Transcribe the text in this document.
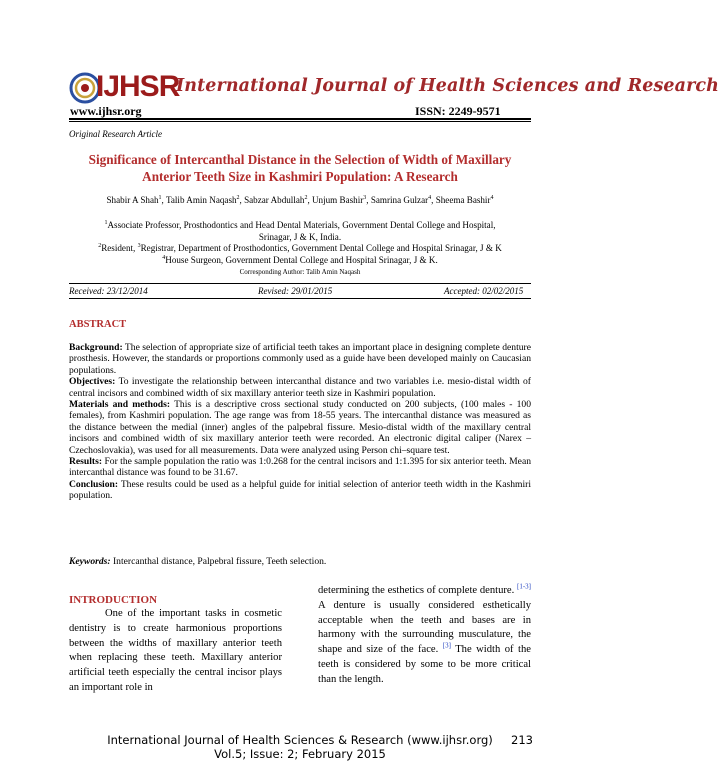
IJHSR
International Journal of Health Sciences and Research
www.ijhsr.org	ISSN: 2249-9571
Original Research Article
Significance of Intercanthal Distance in the Selection of Width of Maxillary
Anterior Teeth Size in Kashmiri Population: A Research
Shabir A Shah$^1$, Talib Amin Naqash$^2$, Sabzar Abdullah$^2$, Unjum Bashir$^3$, Samrina Gulzar$^4$, Sheema Bashir$^4$
$^1$Associate Professor, Prosthodontics and Head Dental Materials, Government Dental College and Hospital,
Srinagar, J & K, India.
$^2$Resident, $^3$Registrar, Department of Prosthodontics, Government Dental College and Hospital Srinagar, J & K
$^4$House Surgeon, Government Dental College and Hospital Srinagar, J & K.
Corresponding Author: Talib Amin Naqash
Received: 23/12/2014	Revised: 29/01/2015	Accepted: 02/02/2015
ABSTRACT

Background: The selection of appropriate size of artificial teeth takes an important place in designing complete denture prosthesis. However, the standards or proportions commonly used as a guide have been developed mainly on Caucasian populations.

Objectives: To investigate the relationship between intercanthal distance and two variables i.e. mesio-distal width of central incisors and combined width of six maxillary anterior teeth size in Kashmiri population.

Materials and methods: This is a descriptive cross sectional study conducted on 200 subjects, (100 males - 100 females), from Kashmiri population. The age range was from 18-55 years. The intercanthal distance was measured as the distance between the medial (inner) angles of the palpebral fissure. Mesio-distal width of the maxillary central incisors and combined width of six maxillary anterior teeth were recorded. An electronic digital caliper (Narex – Czechoslovakia), was used for all measurements. Data were analyzed using Person chi–square test.

Results: For the sample population the ratio was 1:0.268 for the central incisors and 1:1.395 for six anterior teeth. Mean intercanthal distance was found to be 31.67.

Conclusion: These results could be used as a helpful guide for initial selection of anterior teeth width in the Kashmiri population.

Keywords: Intercanthal distance, Palpebral fissure, Teeth selection.
INTRODUCTION
One of the important tasks in cosmetic dentistry is to create harmonious proportions between the widths of maxillary anterior teeth when replacing these teeth. Maxillary anterior artificial teeth especially the central incisor plays an important role in
determining the esthetics of complete denture. [1-3] A denture is usually considered esthetically acceptable when the teeth and bases are in harmony with the surrounding musculature, the shape and size of the face. [3] The width of the teeth is considered by some to be more critical than the length.
International Journal of Health Sciences & Research (www.ijhsr.org)
Vol.5; Issue: 2; February 2015
213
